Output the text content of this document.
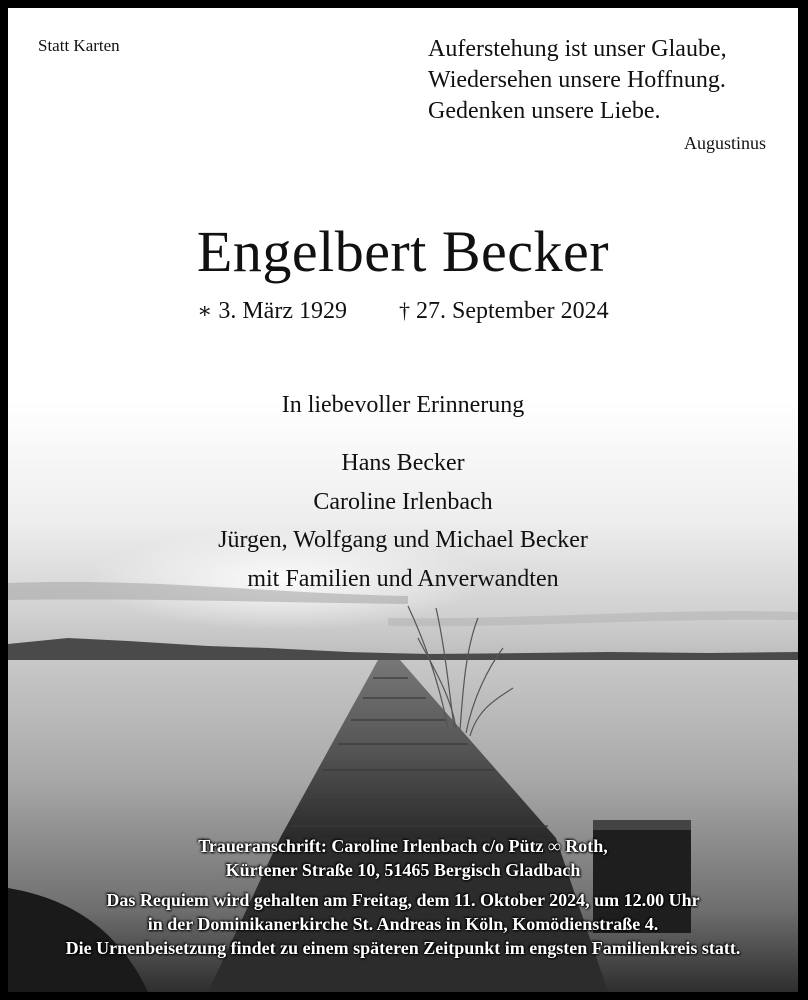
Statt Karten	Auferstehung ist unser Glaube,
Wiedersehen unsere Hoffnung.
Gedenken unsere Liebe.
Augustinus
Engelbert Becker
∗ 3. März 1929 † 27. September 2024
In liebevoller Erinnerung
Hans Becker
Caroline Irlenbach
Jürgen, Wolfgang und Michael Becker
mit Familien und Anverwandten
Traueranschrift: Caroline Irlenbach c/o Pütz ∞ Roth,
Kürtener Straße 10, 51465 Bergisch Gladbach
Das Requiem wird gehalten am Freitag, dem 11. Oktober 2024, um 12.00 Uhr
in der Dominikanerkirche St. Andreas in Köln, Komödienstraße 4.
Die Urnenbeisetzung findet zu einem späteren Zeitpunkt im engsten Familienkreis statt.
